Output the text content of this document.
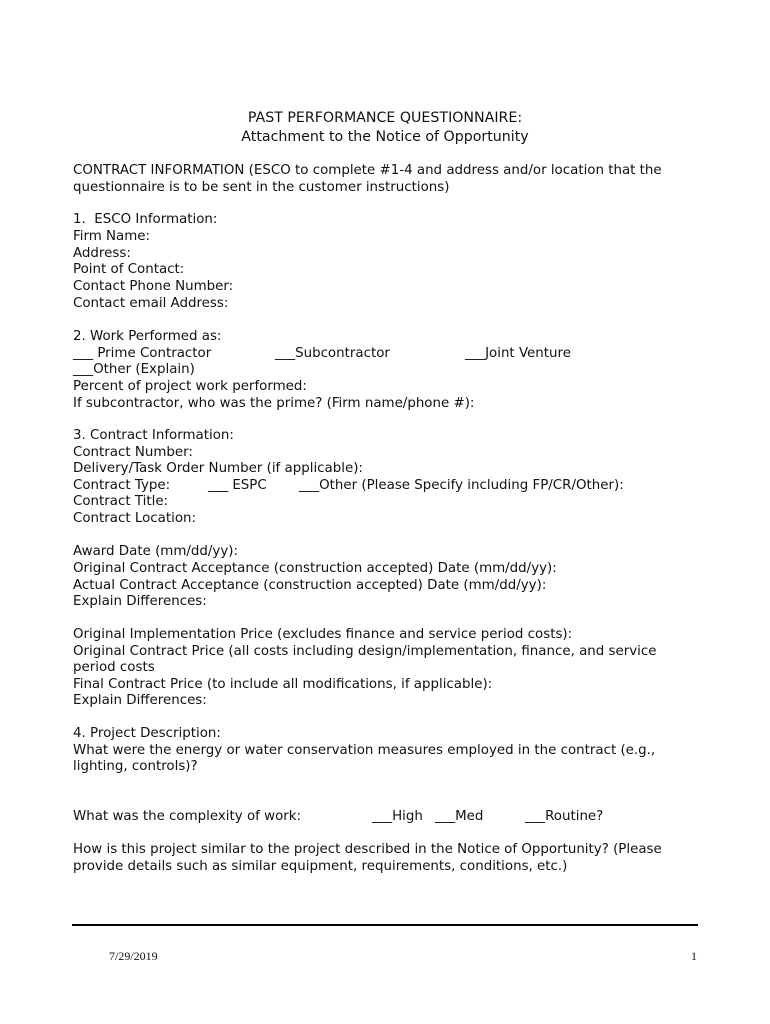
PAST PERFORMANCE QUESTIONNAIRE:
Attachment to the Notice of Opportunity
CONTRACT INFORMATION (ESCO to complete #1-4 and address and/or location that the
questionnaire is to be sent in the customer instructions)
1.  ESCO Information:
Firm Name:
Address:
Point of Contact:
Contact Phone Number:
Contact email Address:
2. Work Performed as:
___ Prime Contractor	___Subcontractor	___Joint Venture
___Other (Explain)
Percent of project work performed:
If subcontractor, who was the prime? (Firm name/phone #):
3. Contract Information:
Contract Number:
Delivery/Task Order Number (if applicable):
Contract Type:	___ ESPC ___Other (Please Specify including FP/CR/Other):
Contract Title:
Contract Location:
Award Date (mm/dd/yy):
Original Contract Acceptance (construction accepted) Date (mm/dd/yy):
Actual Contract Acceptance (construction accepted) Date (mm/dd/yy):
Explain Differences:
Original Implementation Price (excludes finance and service period costs):
Original Contract Price (all costs including design/implementation, finance, and service
period costs
Final Contract Price (to include all modifications, if applicable):
Explain Differences:
4. Project Description:
What were the energy or water conservation measures employed in the contract (e.g.,
lighting, controls)?
What was the complexity of work:	___High ___Med	___Routine?
How is this project similar to the project described in the Notice of Opportunity? (Please
provide details such as similar equipment, requirements, conditions, etc.)
7/29/2019	1
